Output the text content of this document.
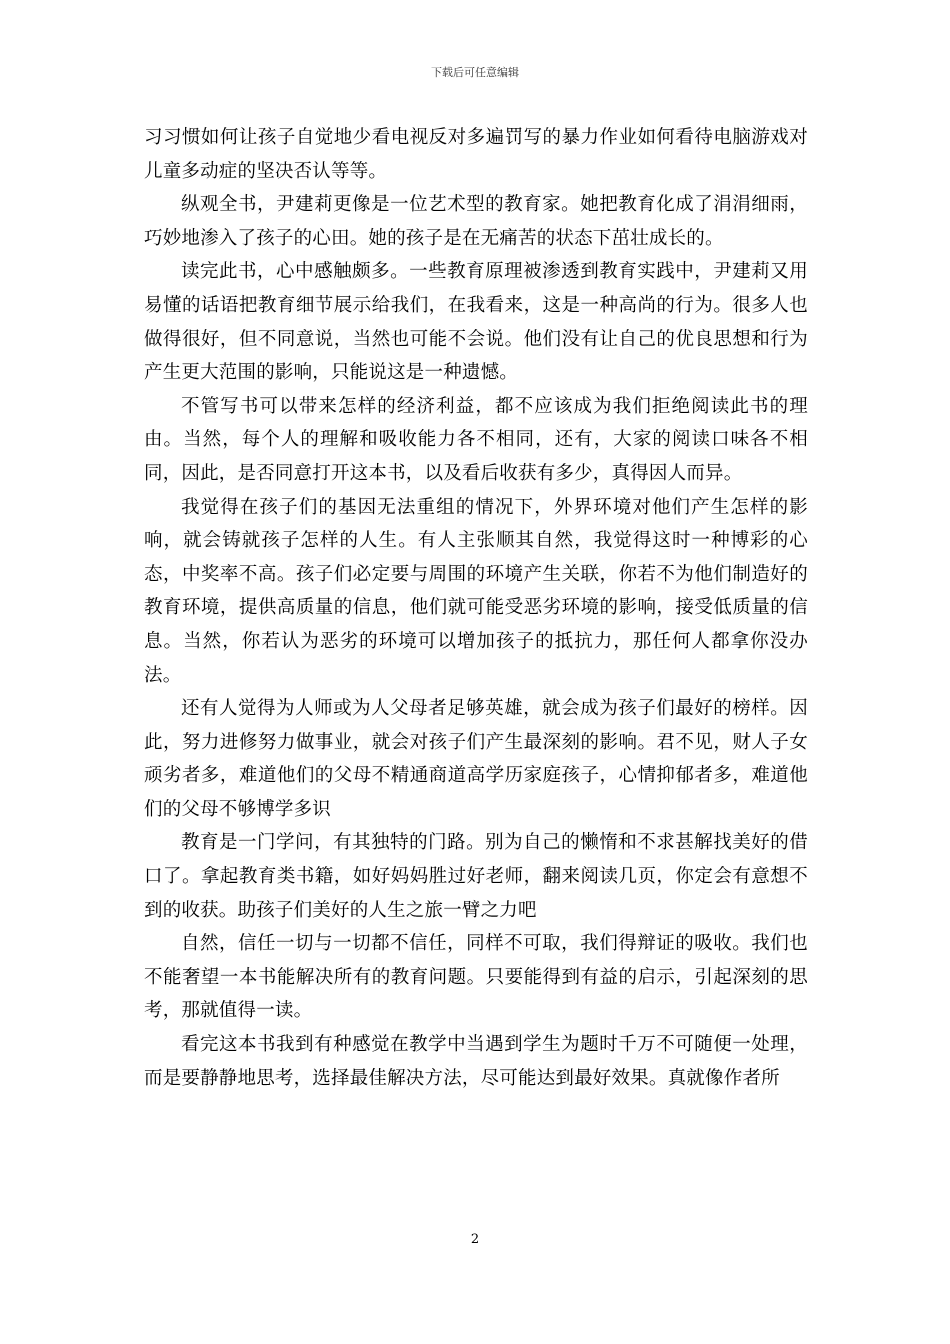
下载后可任意编辑

习习惯如何让孩子自觉地少看电视反对多遍罚写的暴力作业如何看待电脑游戏对儿童多动症的坚决否认等等。

纵观全书，尹建莉更像是一位艺术型的教育家。她把教育化成了涓涓细雨，巧妙地渗入了孩子的心田。她的孩子是在无痛苦的状态下茁壮成长的。

读完此书，心中感触颇多。一些教育原理被渗透到教育实践中，尹建莉又用易懂的话语把教育细节展示给我们，在我看来，这是一种高尚的行为。很多人也做得很好，但不同意说，当然也可能不会说。他们没有让自己的优良思想和行为产生更大范围的影响，只能说这是一种遗憾。

不管写书可以带来怎样的经济利益，都不应该成为我们拒绝阅读此书的理由。当然，每个人的理解和吸收能力各不相同，还有，大家的阅读口味各不相同，因此，是否同意打开这本书，以及看后收获有多少，真得因人而异。

我觉得在孩子们的基因无法重组的情况下，外界环境对他们产生怎样的影响，就会铸就孩子怎样的人生。有人主张顺其自然，我觉得这时一种博彩的心态，中奖率不高。孩子们必定要与周围的环境产生关联，你若不为他们制造好的教育环境，提供高质量的信息，他们就可能受恶劣环境的影响，接受低质量的信息。当然，你若认为恶劣的环境可以增加孩子的抵抗力，那任何人都拿你没办法。

还有人觉得为人师或为人父母者足够英雄，就会成为孩子们最好的榜样。因此，努力进修努力做事业，就会对孩子们产生最深刻的影响。君不见，财人子女顽劣者多，难道他们的父母不精通商道高学历家庭孩子，心情抑郁者多，难道他们的父母不够博学多识

教育是一门学问，有其独特的门路。别为自己的懒惰和不求甚解找美好的借口了。拿起教育类书籍，如好妈妈胜过好老师，翻来阅读几页，你定会有意想不到的收获。助孩子们美好的人生之旅一臂之力吧

自然，信任一切与一切都不信任，同样不可取，我们得辩证的吸收。我们也不能奢望一本书能解决所有的教育问题。只要能得到有益的启示，引起深刻的思考，那就值得一读。

看完这本书我到有种感觉在教学中当遇到学生为题时千万不可随便一处理，而是要静静地思考，选择最佳解决方法，尽可能达到最好效果。真就像作者所

2
